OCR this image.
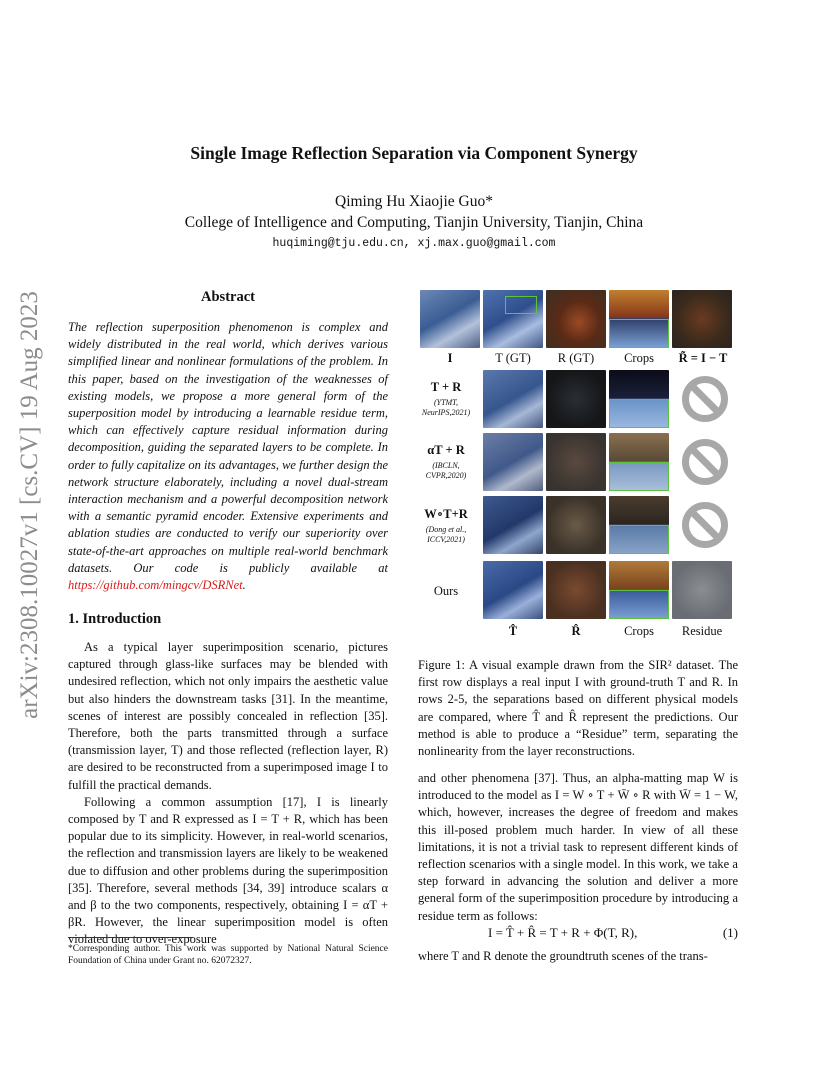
Single Image Reflection Separation via Component Synergy
Qiming Hu Xiaojie Guo*
College of Intelligence and Computing, Tianjin University, Tianjin, China
huqiming@tju.edu.cn, xj.max.guo@gmail.com
arXiv:2308.10027v1 [cs.CV] 19 Aug 2023	Abstract
The reflection superposition phenomenon is complex and widely distributed in the real world, which derives various simplified linear and nonlinear formulations of the problem. In this paper, based on the investigation of the weaknesses of existing models, we propose a more general form of the superposition model by introducing a learnable residue term, which can effectively capture residual information during decomposition, guiding the separated layers to be complete. In order to fully capitalize on its advantages, we further design the network structure elaborately, including a novel dual-stream interaction mechanism and a powerful decomposition network with a semantic pyramid encoder. Extensive experiments and ablation studies are conducted to verify our superiority over state-of-the-art approaches on multiple real-world benchmark datasets. Our code is publicly available at https://github.com/mingcv/DSRNet.
1. Introduction

As a typical layer superimposition scenario, pictures captured through glass-like surfaces may be blended with undesired reflection, which not only impairs the aesthetic value but also hinders the downstream tasks [31]. In the meantime, scenes of interest are possibly concealed in reflection [35]. Therefore, both the parts transmitted through a surface (transmission layer, T) and those reflected (reflection layer, R) are desired to be reconstructed from a superimposed image I to fulfill the practical demands.

Following a common assumption [17], I is linearly composed by T and R expressed as I = T + R, which has been popular due to its simplicity. However, in real-world scenarios, the reflection and transmission layers are likely to be weakened due to diffusion and other problems during the superimposition [35]. Therefore, several methods [34, 39] introduce scalars α and β to the two components, respectively, obtaining I = αT + βR. However, the linear superimposition model is often violated due to over-exposure

*Corresponding author. This work was supported by National Natural Science Foundation of China under Grant no. 62072327.
I	T (GT)	R (GT)	Crops	R̃ = I − T
T + R
(YTMT, NeurIPS,2021)
αT + R
(IBCLN, CVPR,2020)
W∘T+R
(Dong et al., ICCV,2021)
Ours
T̂	R̂	Crops	Residue
Figure 1: A visual example drawn from the SIR² dataset. The first row displays a real input I with ground-truth T and R. In rows 2-5, the separations based on different physical models are compared, where T̂ and R̂ represent the predictions. Our method is able to produce a “Residue” term, separating the nonlinearity from the layer reconstructions.

and other phenomena [37]. Thus, an alpha-matting map W is introduced to the model as I = W ∘ T + W̄ ∘ R with W̄ = 1 − W, which, however, increases the degree of freedom and makes this ill-posed problem much harder. In view of all these limitations, it is not a trivial task to represent different kinds of reflection scenarios with a single model. In this work, we take a step forward in advancing the solution and deliver a more general form of the superimposition procedure by introducing a residue term as follows:

I = T̂ + R̂ = T + R + Φ(T, R),	(1)

where T and R denote the groundtruth scenes of the trans-
